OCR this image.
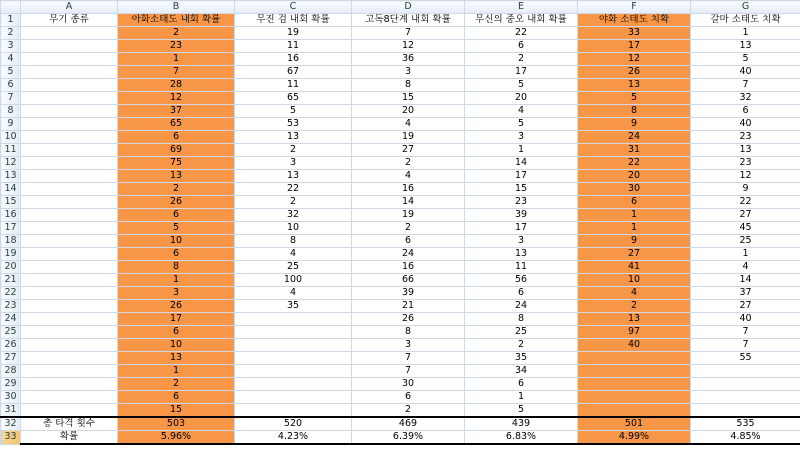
	A	B	C	D	E	F	G
1	무기 종류	아화소태도 내회 확률	무진 검 내회 확률	고독8단계 내회 확률	무신의 중오 내회 확률	야화 소태도 치확	갈마 소태도 치확
2		2	19	7	22	33	1
3		23	11	12	6	17	13
4		1	16	36	2	12	5
5		7	67	3	17	26	40
6		28	11	8	5	13	7
7		12	65	15	20	5	32
8		37	5	20	4	8	6
9		65	53	4	5	9	40
10		6	13	19	3	24	23
11		69	2	27	1	31	13
12		75	3	2	14	22	23
13		13	13	4	17	20	12
14		2	22	16	15	30	9
15		26	2	14	23	6	22
16		6	32	19	39	1	27
17		5	10	2	17	1	45
18		10	8	6	3	9	25
19		6	4	24	13	27	1
20		8	25	16	11	41	4
21		1	100	66	56	10	14
22		3	4	39	6	4	37
23		26	35	21	24	2	27
24		17		26	8	13	40
25		6		8	25	97	7
26		10		3	2	40	7
27		13		7	35		55
28		1		7	34		
29		2		30	6		
30		6		6	1		
31		15		2	5		
32	총 타격 횟수	503	520	469	439	501	535
33	확률	5.96%	4.23%	6.39%	6.83%	4.99%	4.85%
